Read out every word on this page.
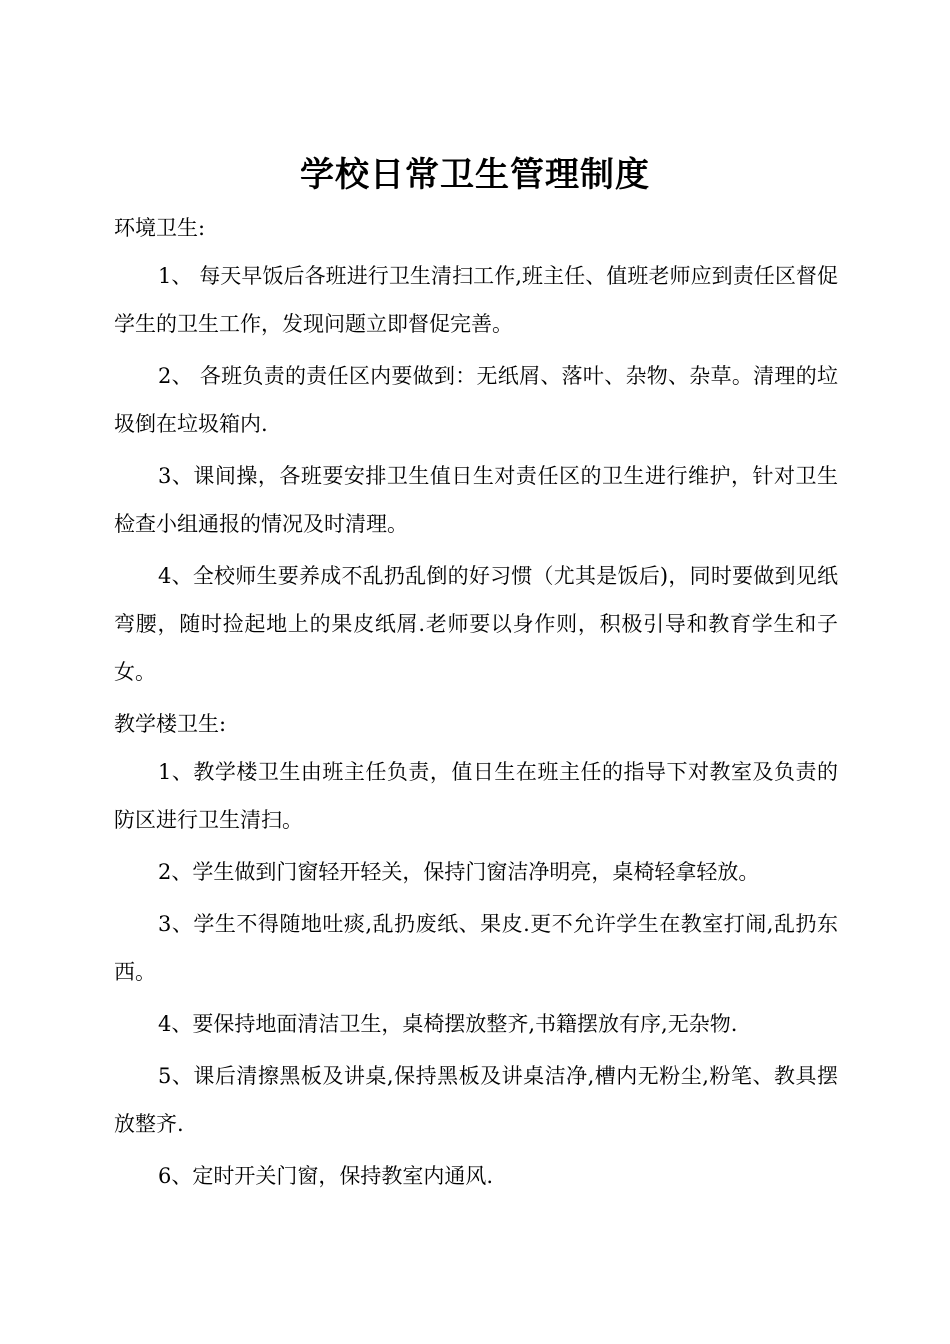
学校日常卫生管理制度
环境卫生:

1、 每天早饭后各班进行卫生清扫工作,班主任、值班老师应到责任区督促学生的卫生工作，发现问题立即督促完善。

2、 各班负责的责任区内要做到：无纸屑、落叶、杂物、杂草。清理的垃圾倒在垃圾箱内.

3、课间操，各班要安排卫生值日生对责任区的卫生进行维护，针对卫生检查小组通报的情况及时清理。

4、全校师生要养成不乱扔乱倒的好习惯（尤其是饭后)，同时要做到见纸弯腰，随时捡起地上的果皮纸屑.老师要以身作则，积极引导和教育学生和子女。

教学楼卫生:

1、教学楼卫生由班主任负责，值日生在班主任的指导下对教室及负责的防区进行卫生清扫。

2、学生做到门窗轻开轻关，保持门窗洁净明亮，桌椅轻拿轻放。

3、学生不得随地吐痰,乱扔废纸、果皮.更不允许学生在教室打闹,乱扔东西。

4、要保持地面清洁卫生，桌椅摆放整齐,书籍摆放有序,无杂物.

5、课后清擦黑板及讲桌,保持黑板及讲桌洁净,槽内无粉尘,粉笔、教具摆放整齐.

6、定时开关门窗，保持教室内通风.
